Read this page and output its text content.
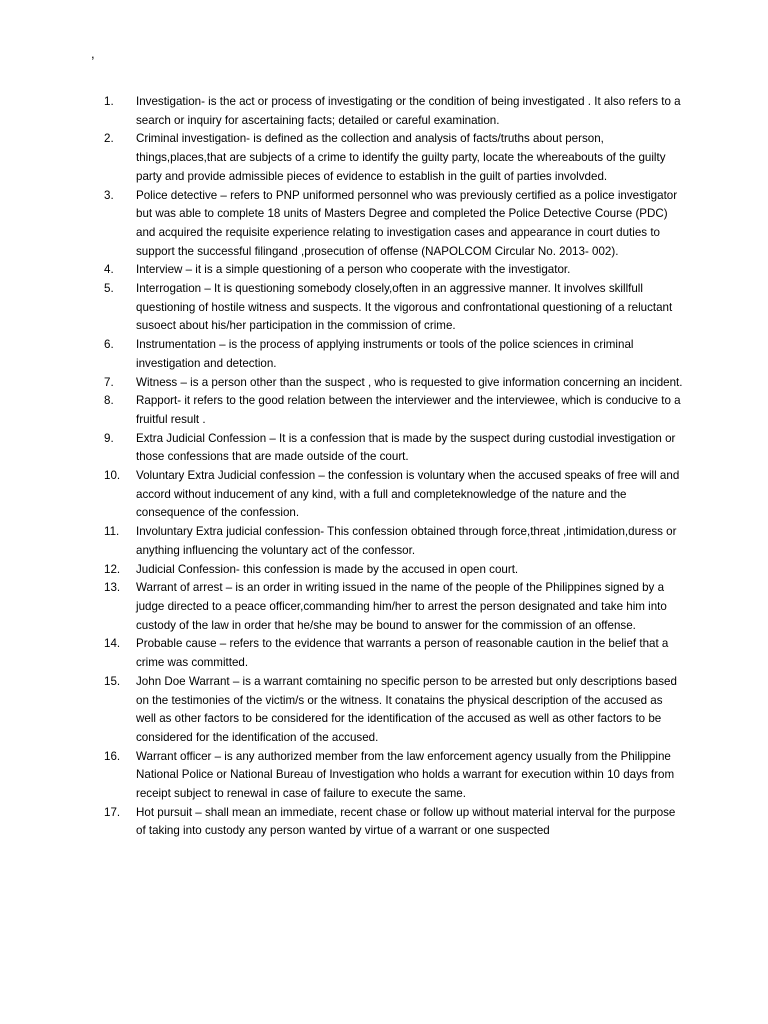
,
1.	Investigation- is the act or process of investigating or the condition of being investigated . It also refers to a search or inquiry for ascertaining facts; detailed or careful examination.
2.	Criminal investigation- is defined as the collection and analysis of facts/truths about person, things,places,that are subjects of a crime to identify the guilty party, locate the whereabouts of the guilty party and provide admissible pieces of evidence to establish in the guilt of parties involvded.
3.	Police detective – refers to PNP uniformed personnel who was previously certified as a police investigator but was able to complete 18 units of Masters Degree and completed the Police Detective Course (PDC) and acquired the requisite experience relating to investigation cases and appearance in court duties to support the successful filingand ,prosecution of offense (NAPOLCOM Circular No. 2013- 002).
4.	Interview – it is a simple questioning of a person who cooperate with the investigator.
5.	Interrogation – It is questioning somebody closely,often in an aggressive manner. It involves skillfull questioning of hostile witness and suspects. It the vigorous and confrontational questioning of a reluctant susoect about his/her participation in the commission of crime.
6.	Instrumentation – is the process of applying instruments or tools of the police sciences in criminal investigation and detection.
7.	Witness – is a person other than the suspect , who is requested to give information concerning an incident.
8.	Rapport- it refers to the good relation between the interviewer and the interviewee, which is conducive to a fruitful result .
9.	Extra Judicial Confession – It is a confession that is made by the suspect during custodial investigation or those confessions that are made outside of the court.
10.	Voluntary Extra Judicial confession – the confession is voluntary when the accused speaks of free will and accord without inducement of any kind, with a full and completeknowledge of the nature and the consequence of the confession.
11.	Involuntary Extra judicial confession- This confession obtained through force,threat ,intimidation,duress or anything influencing the voluntary act of the confessor.
12.	Judicial Confession- this confession is made by the accused in open court.
13.	Warrant of arrest – is an order in writing issued in the name of the people of the Philippines signed by a judge directed to a peace officer,commanding him/her to arrest the person designated and take him into custody of the law in order that he/she may be bound to answer for the commission of an offense.
14.	Probable cause – refers to the evidence that warrants a person of reasonable caution in the belief that a crime was committed.
15.	John Doe Warrant – is a warrant comtaining no specific person to be arrested but only descriptions based on the testimonies of the victim/s or the witness. It conatains the physical description of the accused as well as other factors to be considered for the identification of the accused as well as other factors to be considered for the identification of the accused.
16.	Warrant officer – is any authorized member from the law enforcement agency usually from the Philippine National Police or National Bureau of Investigation who holds a warrant for execution within 10 days from receipt subject to renewal in case of failure to execute the same.
17.	Hot pursuit – shall mean an immediate, recent chase or follow up without material interval for the purpose of taking into custody any person wanted by virtue of a warrant or one suspected
